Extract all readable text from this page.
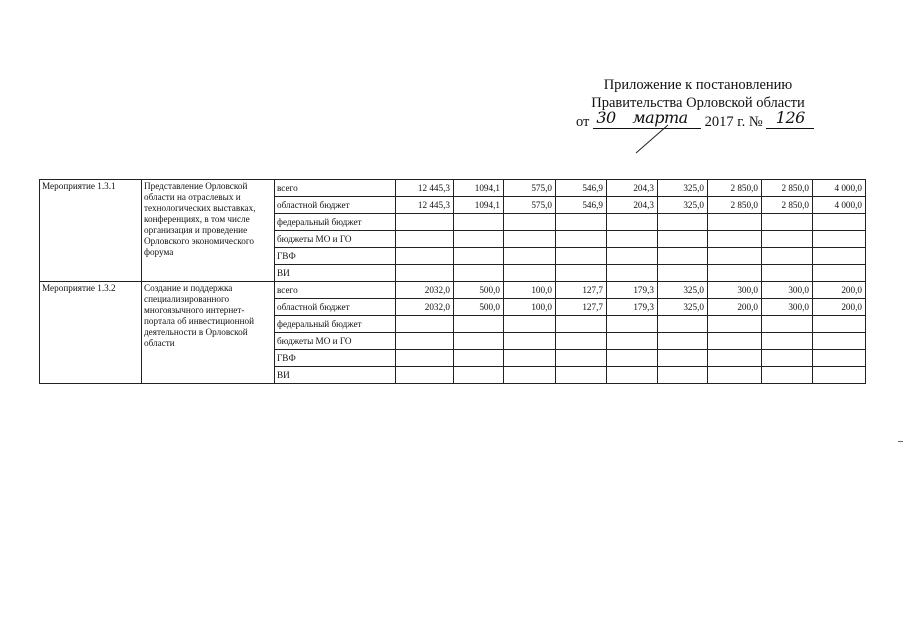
Приложение к постановлению
Правительства Орловской области
от 30 марта 2017 г. № 126
Мероприятие 1.3.1	Представление Орловской области на отраслевых и технологических выставках, конференциях, в том числе организация и проведение Орловского экономического форума	всего	12 445,3	1094,1	575,0	546,9	204,3	325,0	2 850,0	2 850,0	4 000,0
		областной бюджет	12 445,3	1094,1	575,0	546,9	204,3	325,0	2 850,0	2 850,0	4 000,0
		федеральный бюджет									
		бюджеты МО и ГО									
		ГВФ									
		ВИ									
Мероприятие 1.3.2	Создание и поддержка специализированного многоязычного интернет-портала об инвестиционной деятельности в Орловской области	всего	2032,0	500,0	100,0	127,7	179,3	325,0	300,0	300,0	200,0
		областной бюджет	2032,0	500,0	100,0	127,7	179,3	325,0	200,0	300,0	200,0
		федеральный бюджет									
		бюджеты МО и ГО									
		ГВФ									
		ВИ									
